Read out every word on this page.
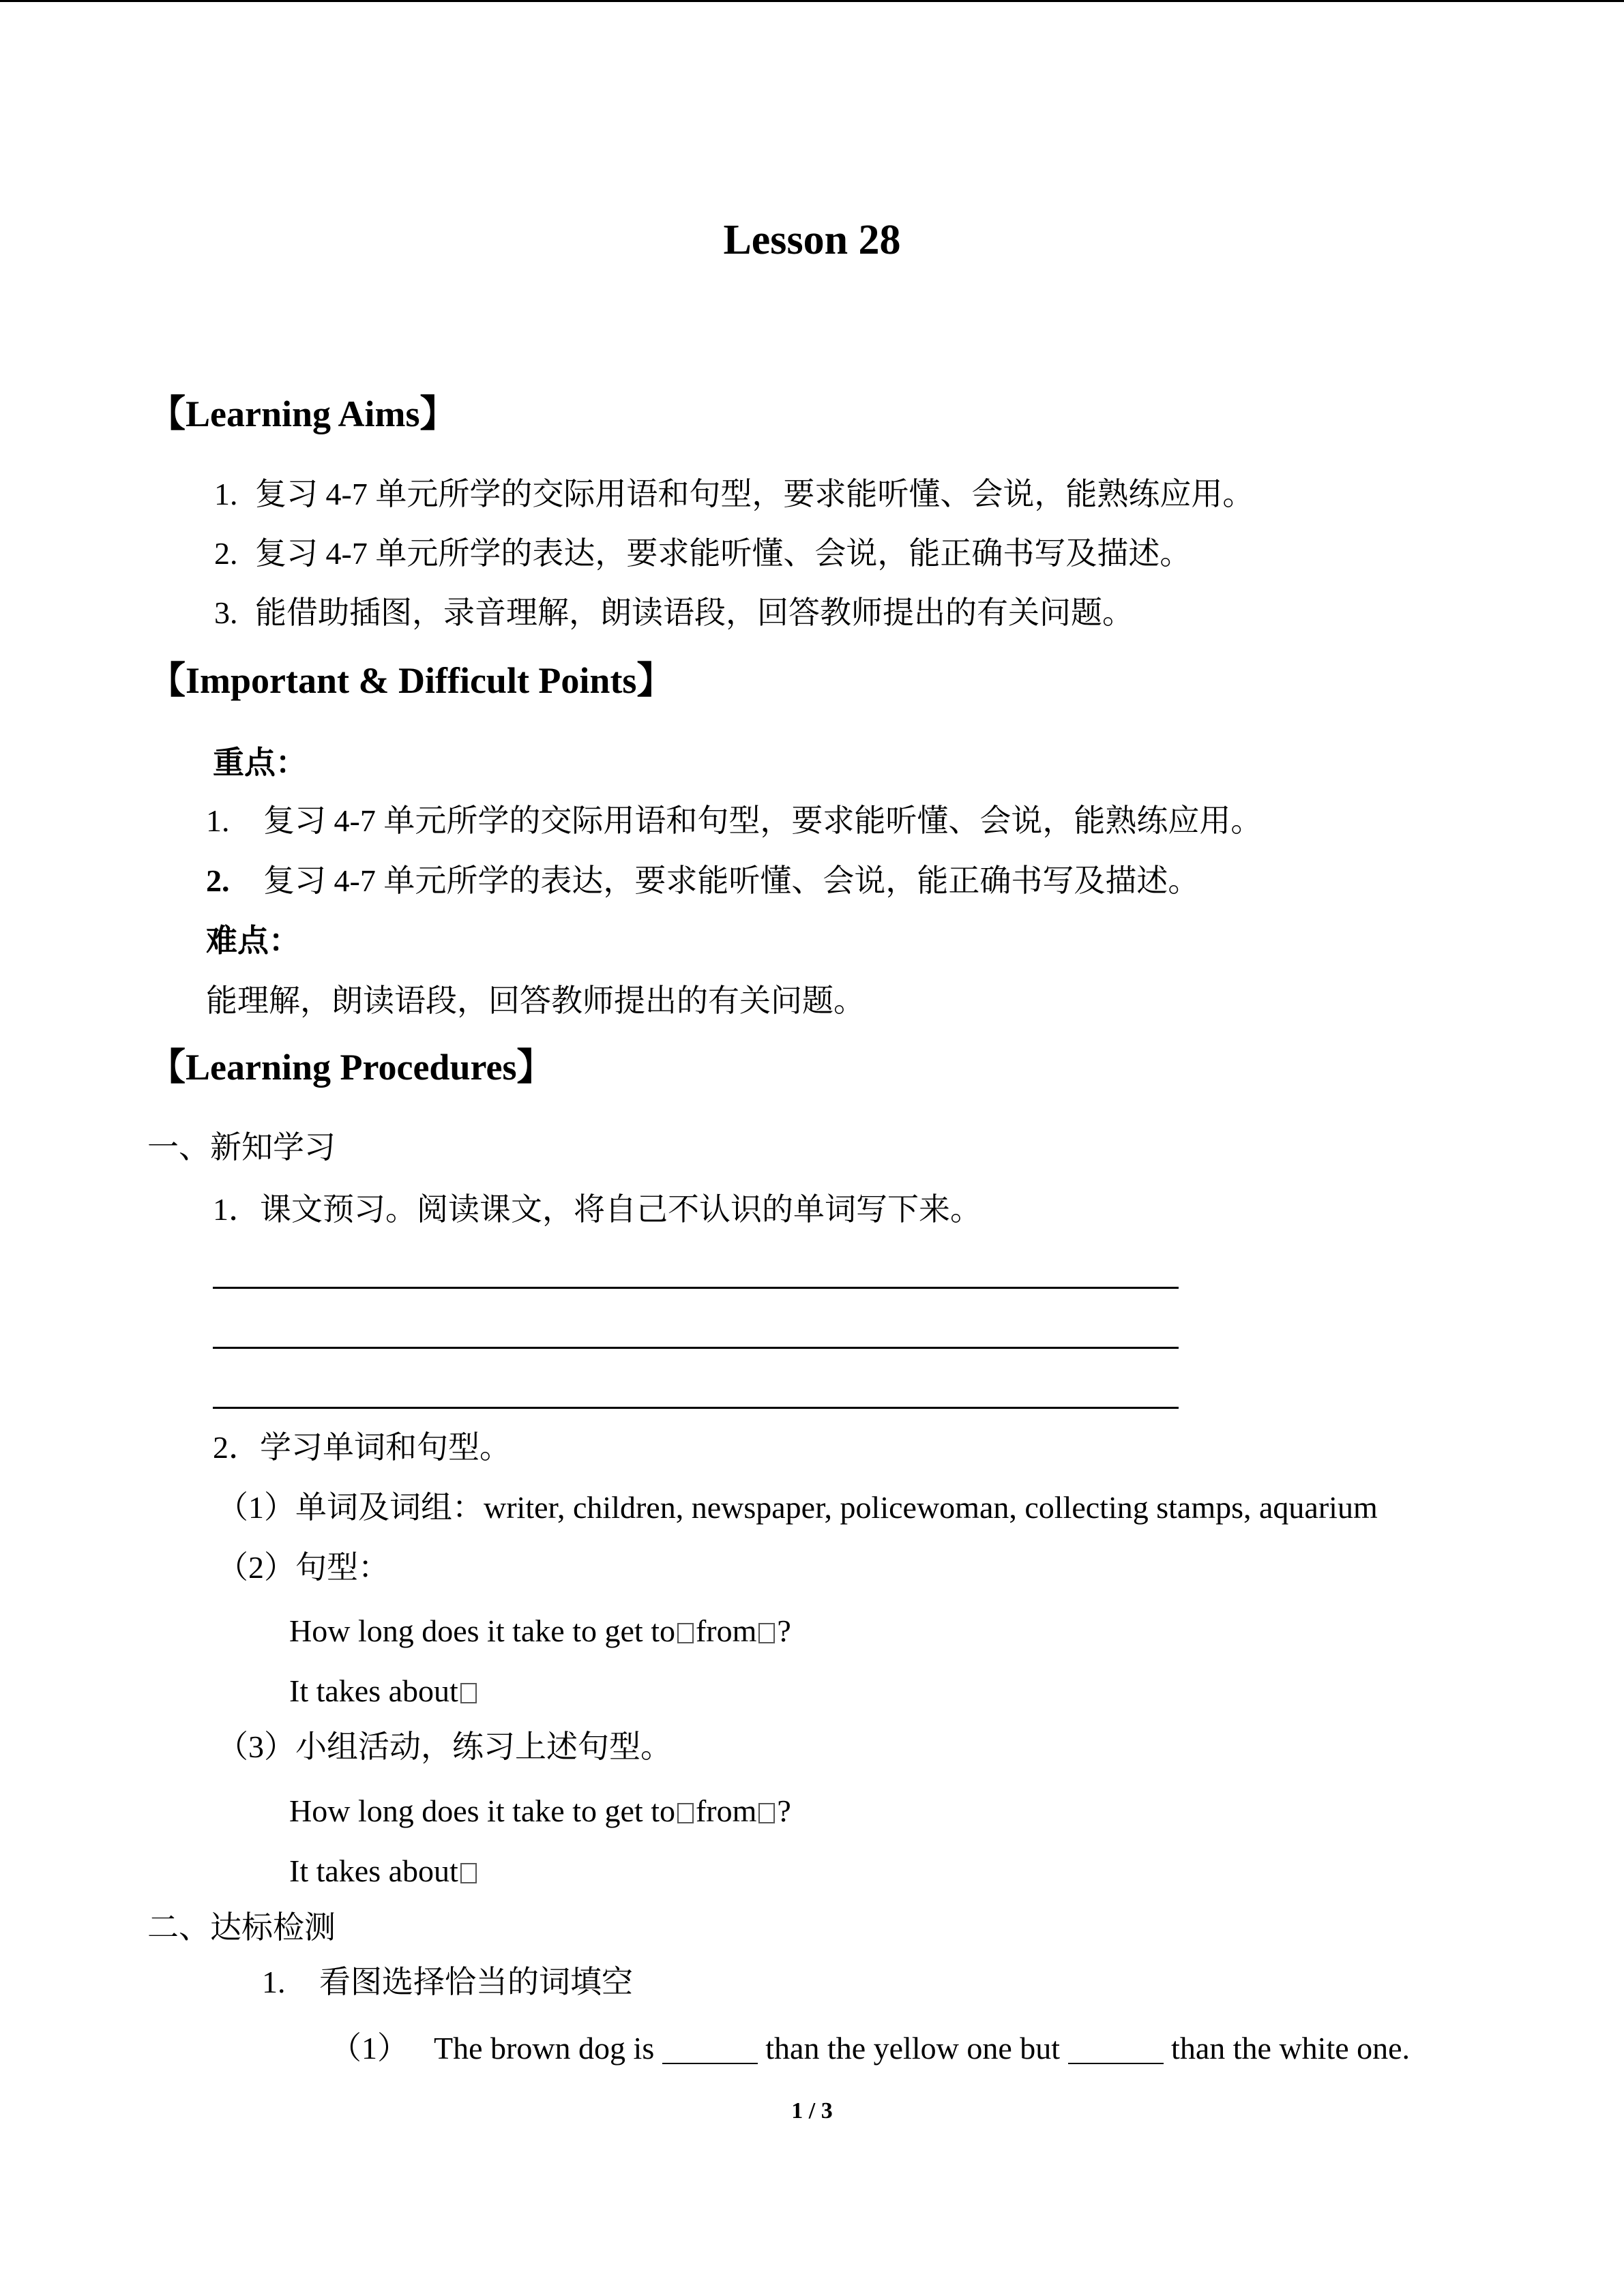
Lesson 28
【Learning Aims】
1. 复习 4-7 单元所学的交际用语和句型，要求能听懂、会说，能熟练应用。
2. 复习 4-7 单元所学的表达，要求能听懂、会说，能正确书写及描述。
3. 能借助插图，录音理解，朗读语段，回答教师提出的有关问题。
【Important & Difficult Points】
重点：
1. 复习 4-7 单元所学的交际用语和句型，要求能听懂、会说，能熟练应用。
2. 复习 4-7 单元所学的表达，要求能听懂、会说，能正确书写及描述。
难点：
能理解，朗读语段，回答教师提出的有关问题。
【Learning Procedures】
一、新知学习
1．课文预习。阅读课文，将自己不认识的单词写下来。
2．学习单词和句型。
（1）单词及词组：writer, children, newspaper, policewoman, collecting stamps, aquarium
（2）句型：
How long does it take to get to from ?
It takes about
（3）小组活动，练习上述句型。
How long does it take to get to from ?
It takes about
二、达标检测
1. 看图选择恰当的词填空
（1） The brown dog is	than the yellow one but	than the white one.
1 / 3
